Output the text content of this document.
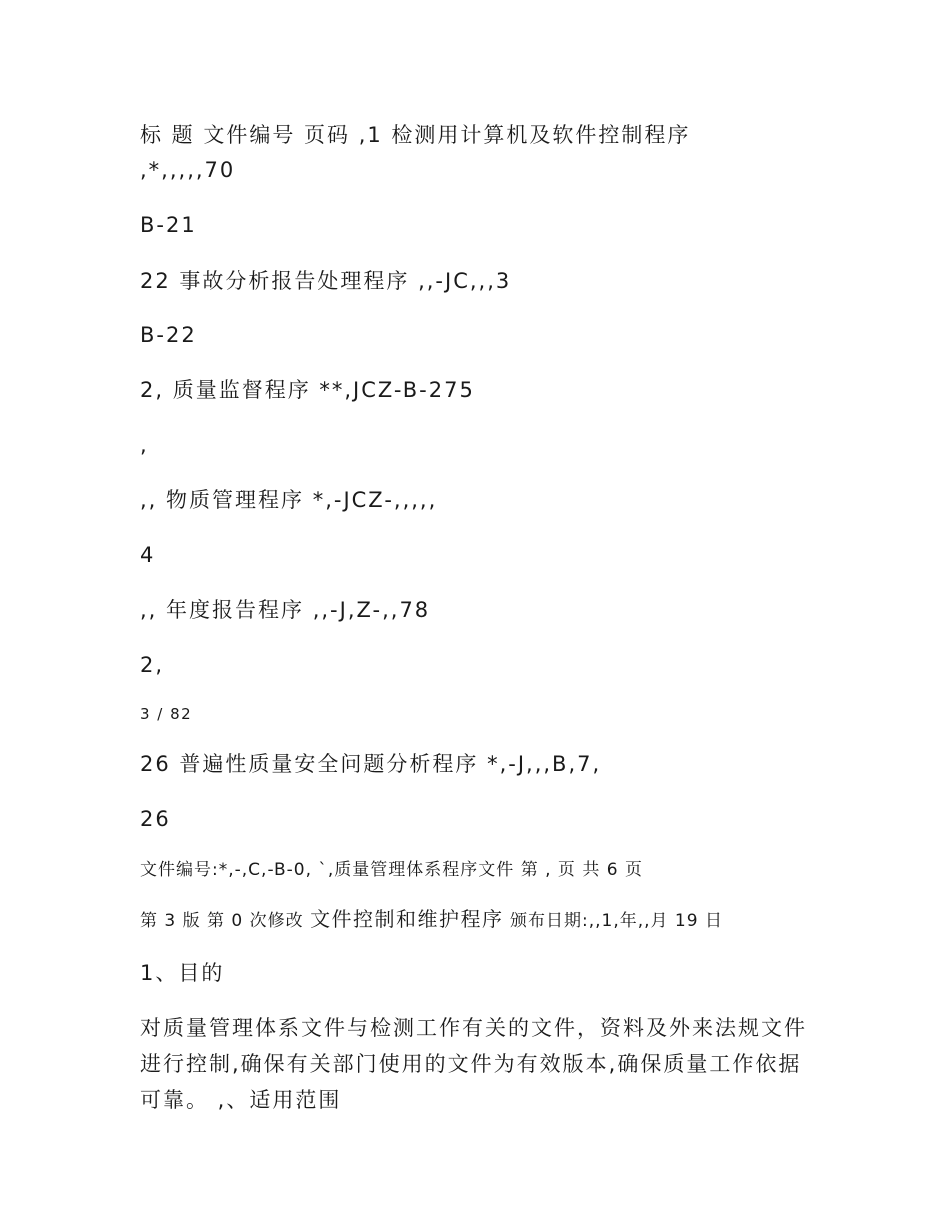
标 题 文件编号 页码 ,1 检测用计算机及软件控制程序
,*,,,,,70
B-21
22 事故分析报告处理程序 ,,-JC,,,3
B-22
2, 质量监督程序 **,JCZ-B-275
,
,, 物质管理程序 *,-JCZ-,,,,,
4
,, 年度报告程序 ,,-J,Z-,,78
2,
3 / 82
26 普遍性质量安全问题分析程序 *,-J,,,B,7,
26
文件编号:*,-,C,-B-0, `,质量管理体系程序文件 第 , 页 共 6 页
第 3 版 第 0 次修改 文件控制和维护程序 颁布日期:,,1,年,,月 19 日
1、目的
对质量管理体系文件与检测工作有关的文件，资料及外来法规文件进行控制,确保有关部门使用的文件为有效版本,确保质量工作依据可靠。 ,、适用范围
